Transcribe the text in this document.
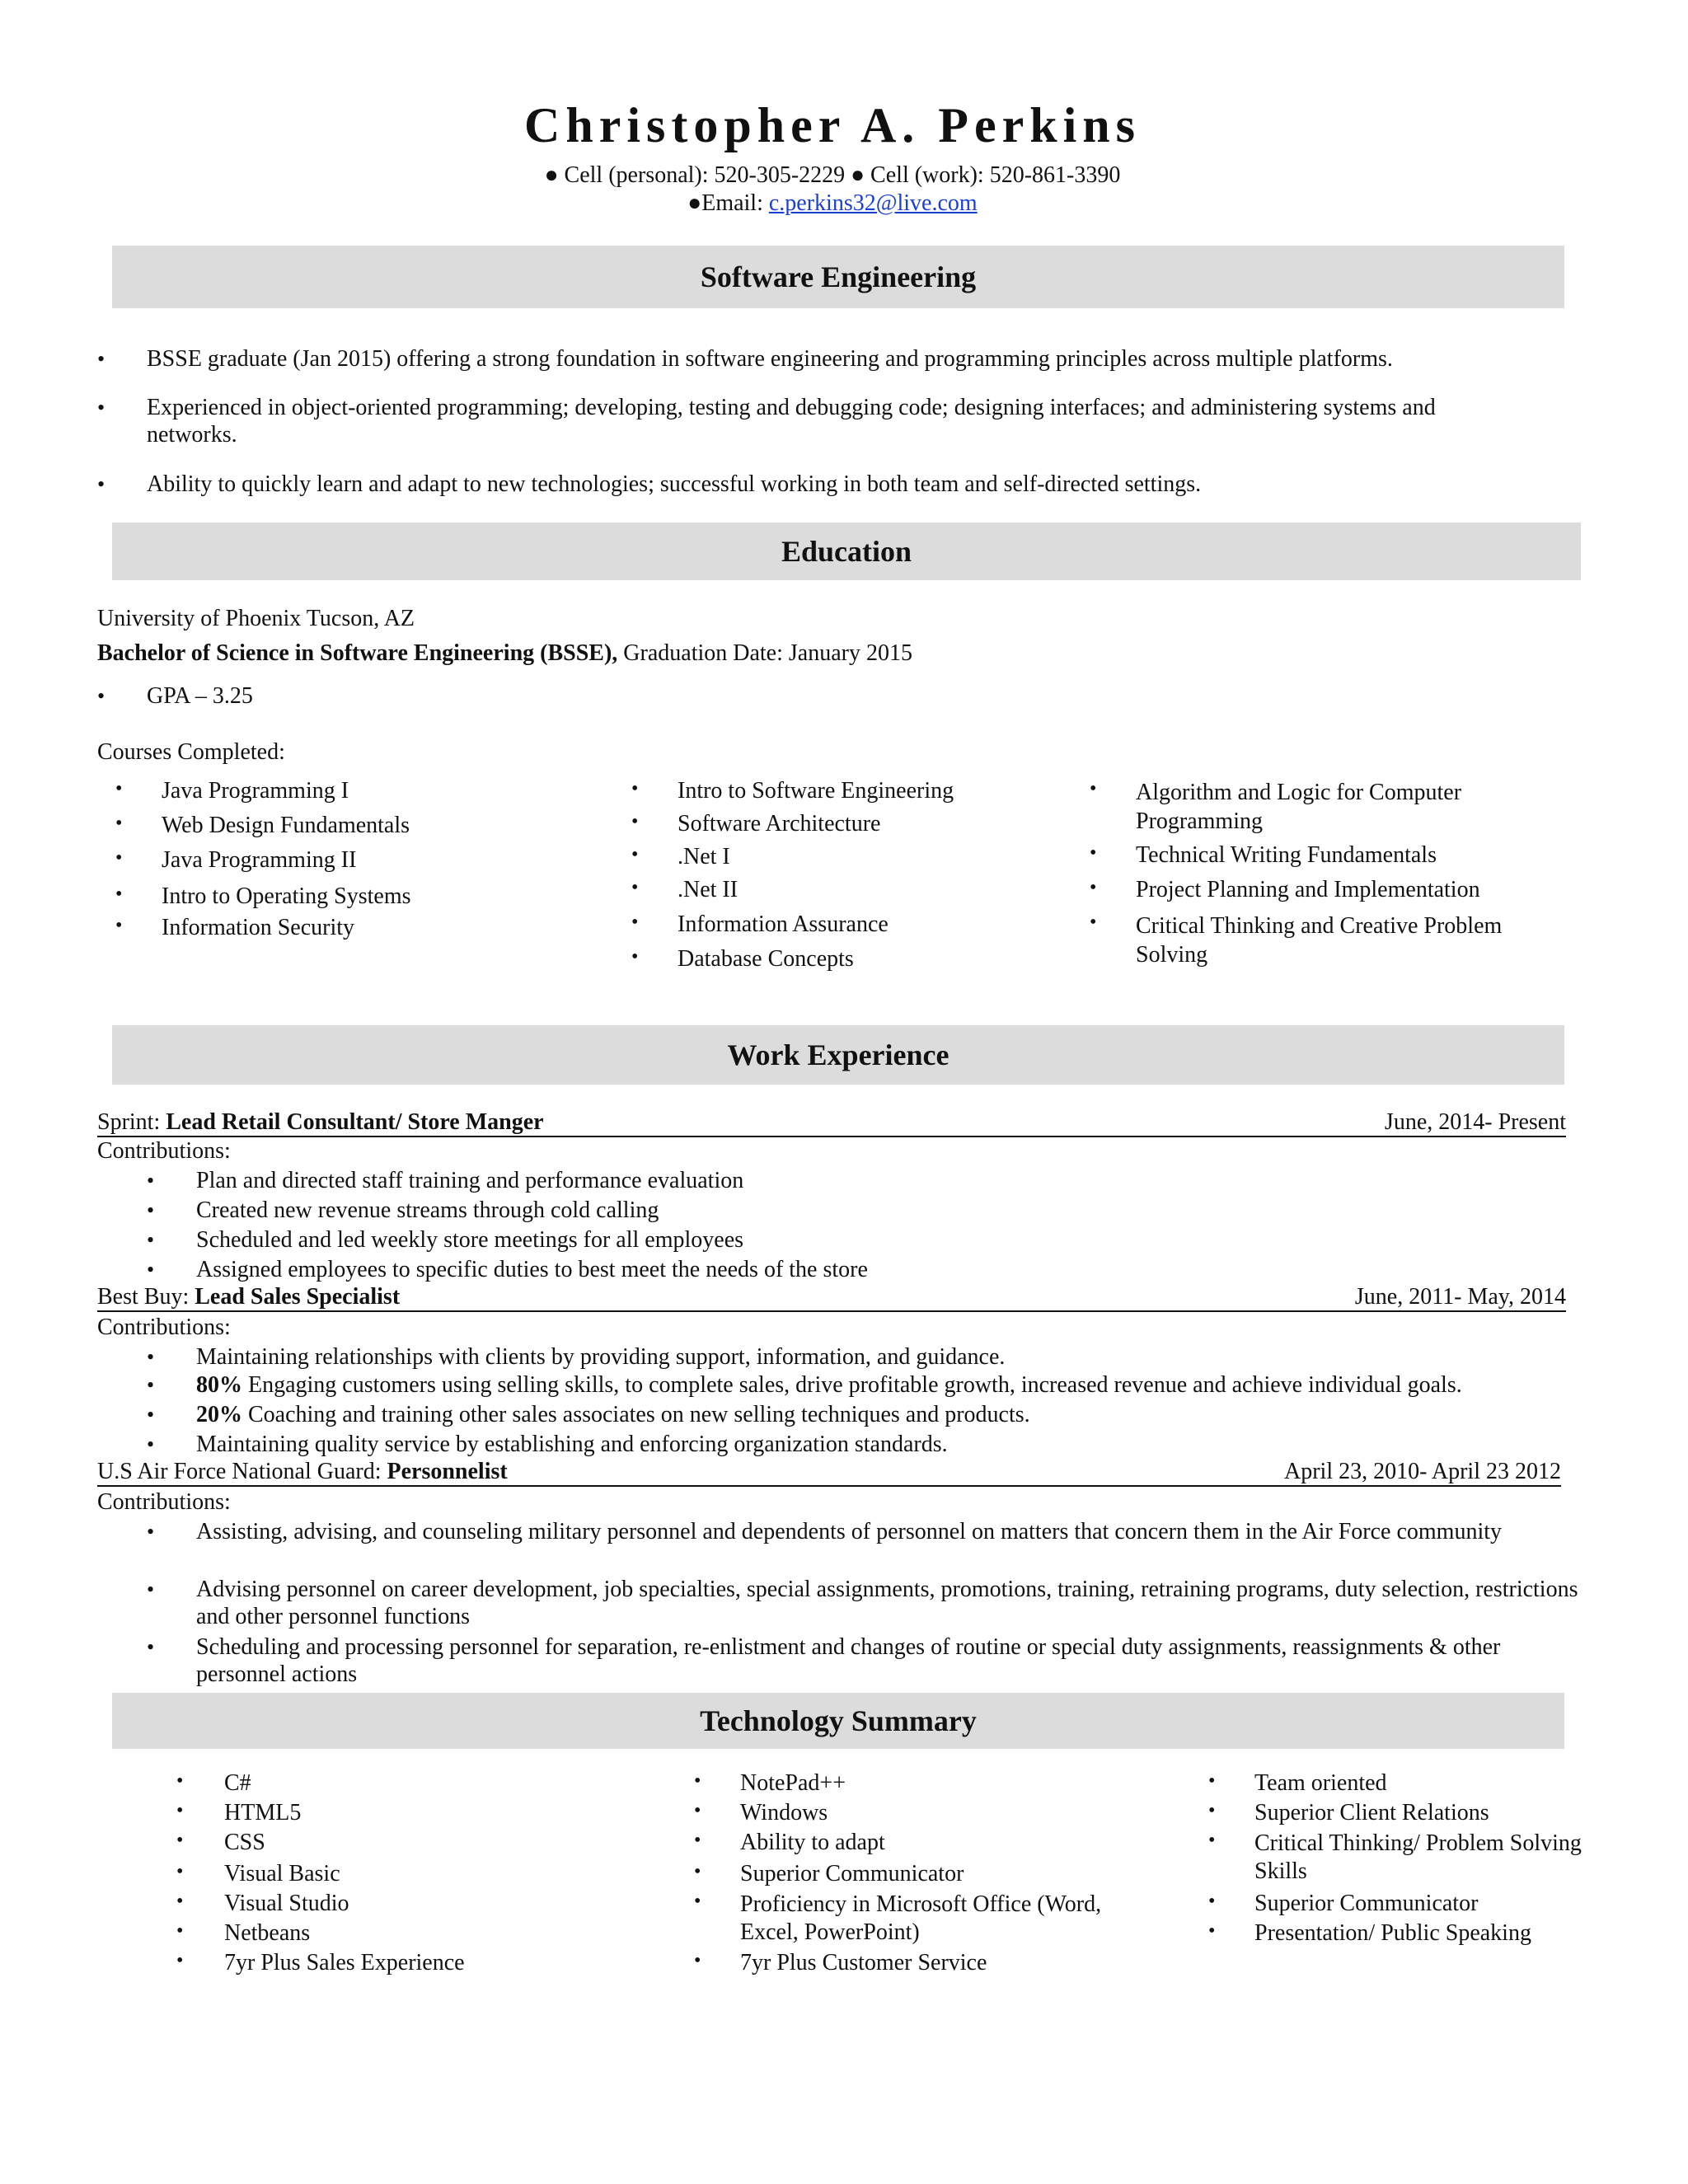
Christopher A. Perkins
● Cell (personal): 520-305-2229 ● Cell (work): 520-861-3390
●Email: c.perkins32@live.com
Software Engineering
• BSSE graduate (Jan 2015) offering a strong foundation in software engineering and programming principles across multiple platforms.
• Experienced in object-oriented programming; developing, testing and debugging code; designing interfaces; and administering systems and networks.
• Ability to quickly learn and adapt to new technologies; successful working in both team and self-directed settings.
Education
University of Phoenix Tucson, AZ
Bachelor of Science in Software Engineering (BSSE), Graduation Date: January 2015
• GPA – 3.25
Courses Completed:
• Java Programming I
• Web Design Fundamentals
• Java Programming II
• Intro to Operating Systems
• Information Security
• Intro to Software Engineering
• Software Architecture
• .Net I
• .Net II
• Information Assurance
• Database Concepts
• Algorithm and Logic for Computer Programming
• Technical Writing Fundamentals
• Project Planning and Implementation
• Critical Thinking and Creative Problem Solving
Work Experience
Sprint: Lead Retail Consultant/ Store Manger	June, 2014- Present
Contributions:
• Plan and directed staff training and performance evaluation
• Created new revenue streams through cold calling
• Scheduled and led weekly store meetings for all employees
• Assigned employees to specific duties to best meet the needs of the store
Best Buy: Lead Sales Specialist	June, 2011- May, 2014
Contributions:
• Maintaining relationships with clients by providing support, information, and guidance.
• 80% Engaging customers using selling skills, to complete sales, drive profitable growth, increased revenue and achieve individual goals.
• 20% Coaching and training other sales associates on new selling techniques and products.
• Maintaining quality service by establishing and enforcing organization standards.
U.S Air Force National Guard: Personnelist	April 23, 2010- April 23 2012
Contributions:
• Assisting, advising, and counseling military personnel and dependents of personnel on matters that concern them in the Air Force community
• Advising personnel on career development, job specialties, special assignments, promotions, training, retraining programs, duty selection, restrictions and other personnel functions
• Scheduling and processing personnel for separation, re-enlistment and changes of routine or special duty assignments, reassignments & other personnel actions
Technology Summary
• C#
• HTML5
• CSS
• Visual Basic
• Visual Studio
• Netbeans
• 7yr Plus Sales Experience
• NotePad++
• Windows
• Ability to adapt
• Superior Communicator
• Proficiency in Microsoft Office (Word, Excel, PowerPoint)
• 7yr Plus Customer Service
• Team oriented
• Superior Client Relations
• Critical Thinking/ Problem Solving Skills
• Superior Communicator
• Presentation/ Public Speaking
